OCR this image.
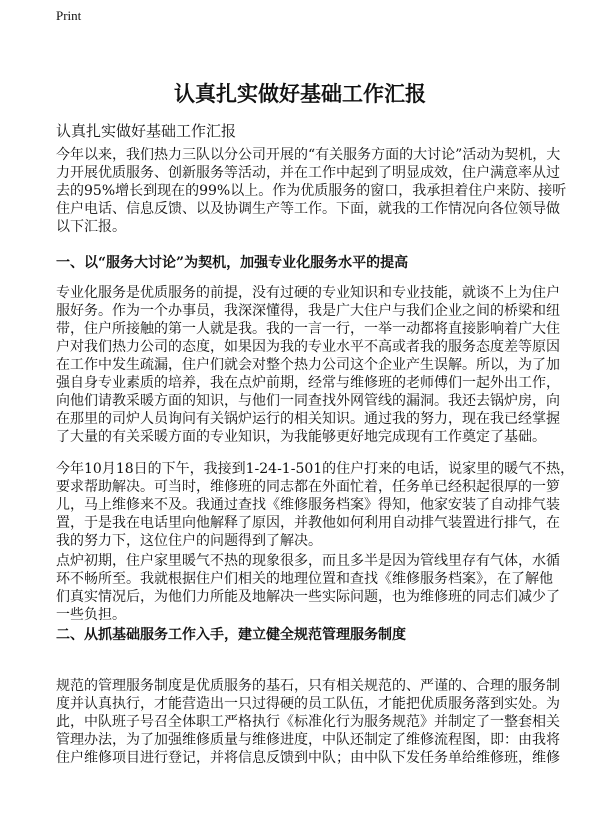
Print
认真扎实做好基础工作汇报
认真扎实做好基础工作汇报
今年以来，我们热力三队以分公司开展的“有关服务方面的大讨论”活动为契机，大
力开展优质服务、创新服务等活动，并在工作中起到了明显成效，住户满意率从过
去的95%增长到现在的99%以上。作为优质服务的窗口，我承担着住户来防、接听
住户电话、信息反馈、以及协调生产等工作。下面，就我的工作情况向各位领导做
以下汇报。
一、以“服务大讨论”为契机，加强专业化服务水平的提高
专业化服务是优质服务的前提，没有过硬的专业知识和专业技能，就谈不上为住户
服好务。作为一个办事员，我深深懂得，我是广大住户与我们企业之间的桥梁和纽
带，住户所接触的第一人就是我。我的一言一行，一举一动都将直接影响着广大住
户对我们热力公司的态度，如果因为我的专业水平不高或者我的服务态度差等原因
在工作中发生疏漏，住户们就会对整个热力公司这个企业产生误解。所以，为了加
强自身专业素质的培养，我在点炉前期，经常与维修班的老师傅们一起外出工作，
向他们请教采暖方面的知识，与他们一同查找外网管线的漏洞。我还去锅炉房，向
在那里的司炉人员询问有关锅炉运行的相关知识。通过我的努力，现在我已经掌握
了大量的有关采暖方面的专业知识，为我能够更好地完成现有工作奠定了基础。
今年10月18日的下午，我接到1-24-1-501的住户打来的电话，说家里的暖气不热，
要求帮助解决。可当时，维修班的同志都在外面忙着，任务单已经积起很厚的一箩
儿，马上维修来不及。我通过查找《维修服务档案》得知，他家安装了自动排气装
置，于是我在电话里向他解释了原因，并教他如何利用自动排气装置进行排气，在
我的努力下，这位住户的问题得到了解决。
点炉初期，住户家里暖气不热的现象很多，而且多半是因为管线里存有气体，水循
环不畅所至。我就根据住户们相关的地理位置和查找《维修服务档案》，在了解他
们真实情况后，为他们力所能及地解决一些实际问题，也为维修班的同志们减少了
一些负担。
二、从抓基础服务工作入手，建立健全规范管理服务制度
规范的管理服务制度是优质服务的基石，只有相关规范的、严谨的、合理的服务制
度并认真执行，才能营造出一只过得硬的员工队伍，才能把优质服务落到实处。为
此，中队班子号召全体职工严格执行《标准化行为服务规范》并制定了一整套相关
管理办法，为了加强维修质量与维修进度，中队还制定了维修流程图，即：由我将
住户维修项目进行登记，并将信息反馈到中队；由中队下发任务单给维修班，维修
